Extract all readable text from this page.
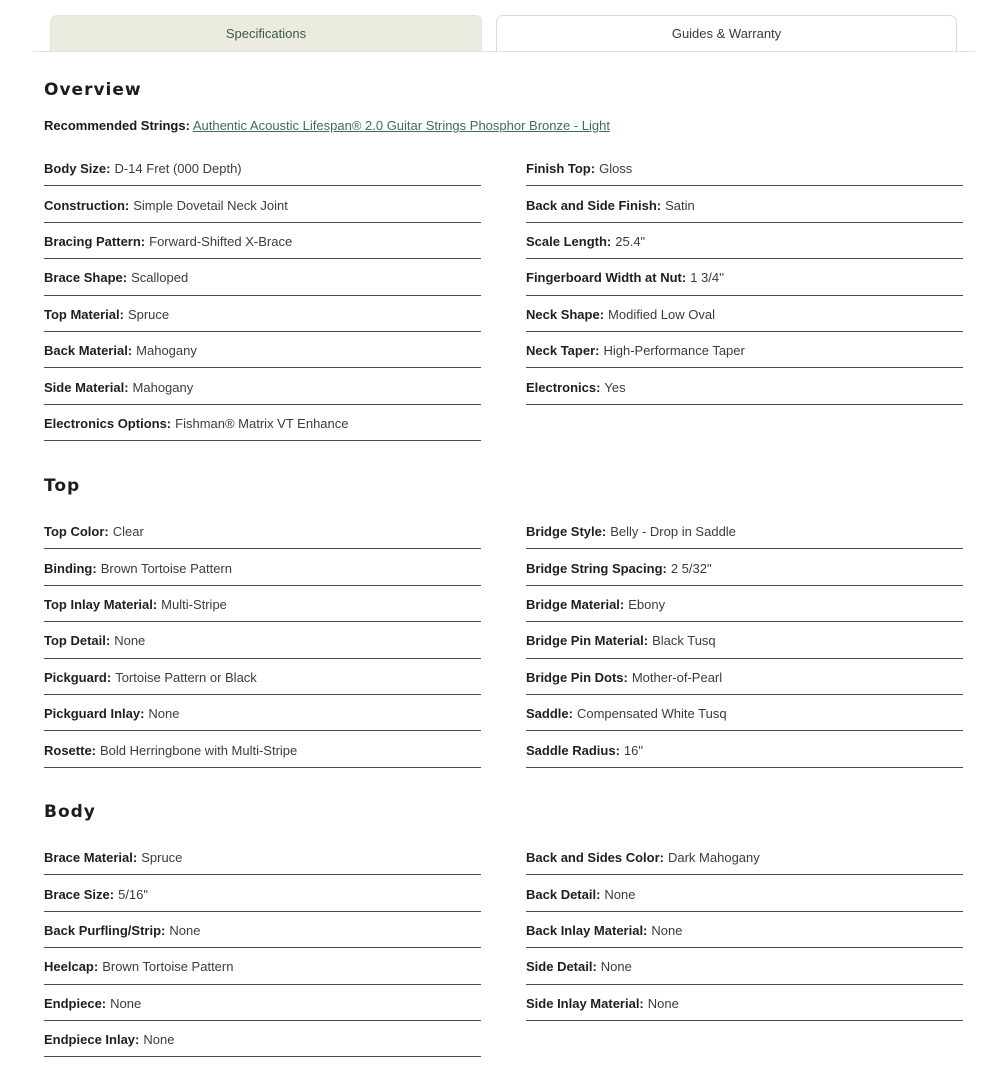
Specifications	Guides & Warranty
Overview
Recommended Strings: Authentic Acoustic Lifespan® 2.0 Guitar Strings Phosphor Bronze - Light
Body Size: D-14 Fret (000 Depth)
Construction: Simple Dovetail Neck Joint
Bracing Pattern: Forward-Shifted X-Brace
Brace Shape: Scalloped
Top Material: Spruce
Back Material: Mahogany
Side Material: Mahogany
Electronics Options: Fishman® Matrix VT Enhance
Finish Top: Gloss
Back and Side Finish: Satin
Scale Length: 25.4"
Fingerboard Width at Nut: 1 3/4''
Neck Shape: Modified Low Oval
Neck Taper: High-Performance Taper
Electronics: Yes
Top
Top Color: Clear
Binding: Brown Tortoise Pattern
Top Inlay Material: Multi-Stripe
Top Detail: None
Pickguard: Tortoise Pattern or Black
Pickguard Inlay: None
Rosette: Bold Herringbone with Multi-Stripe
Bridge Style: Belly - Drop in Saddle
Bridge String Spacing: 2 5/32"
Bridge Material: Ebony
Bridge Pin Material: Black Tusq
Bridge Pin Dots: Mother-of-Pearl
Saddle: Compensated White Tusq
Saddle Radius: 16"
Body
Brace Material: Spruce
Brace Size: 5/16"
Back Purfling/Strip: None
Heelcap: Brown Tortoise Pattern
Endpiece: None
Endpiece Inlay: None
Back and Sides Color: Dark Mahogany
Back Detail: None
Back Inlay Material: None
Side Detail: None
Side Inlay Material: None
